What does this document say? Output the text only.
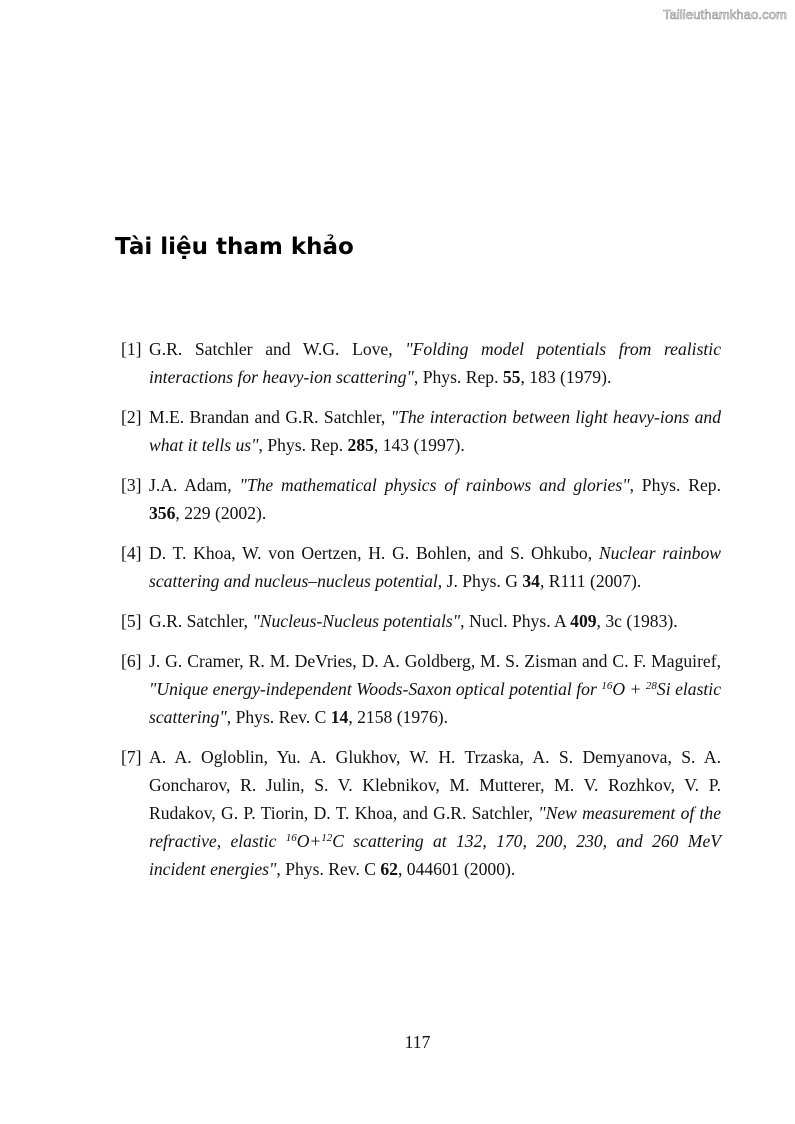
Tailieuthamkhao.com
Tài liệu tham khảo
[1] G.R. Satchler and W.G. Love, "Folding model potentials from realistic interactions for heavy-ion scattering", Phys. Rep. 55, 183 (1979).
[2] M.E. Brandan and G.R. Satchler, "The interaction between light heavy-ions and what it tells us", Phys. Rep. 285, 143 (1997).
[3] J.A. Adam, "The mathematical physics of rainbows and glories", Phys. Rep. 356, 229 (2002).
[4] D. T. Khoa, W. von Oertzen, H. G. Bohlen, and S. Ohkubo, Nuclear rainbow scattering and nucleus–nucleus potential, J. Phys. G 34, R111 (2007).
[5] G.R. Satchler, "Nucleus-Nucleus potentials", Nucl. Phys. A 409, 3c (1983).
[6] J. G. Cramer, R. M. DeVries, D. A. Goldberg, M. S. Zisman and C. F. Maguiref, "Unique energy-independent Woods-Saxon optical potential for $^{16}$O + $^{28}$Si elastic scattering", Phys. Rev. C 14, 2158 (1976).
[7] A. A. Ogloblin, Yu. A. Glukhov, W. H. Trzaska, A. S. Demyanova, S. A. Goncharov, R. Julin, S. V. Klebnikov, M. Mutterer, M. V. Rozhkov, V. P. Rudakov, G. P. Tiorin, D. T. Khoa, and G.R. Satchler, "New measurement of the refractive, elastic $^{16}$O+$^{12}$C scattering at 132, 170, 200, 230, and 260 MeV incident energies", Phys. Rev. C 62, 044601 (2000).
117
